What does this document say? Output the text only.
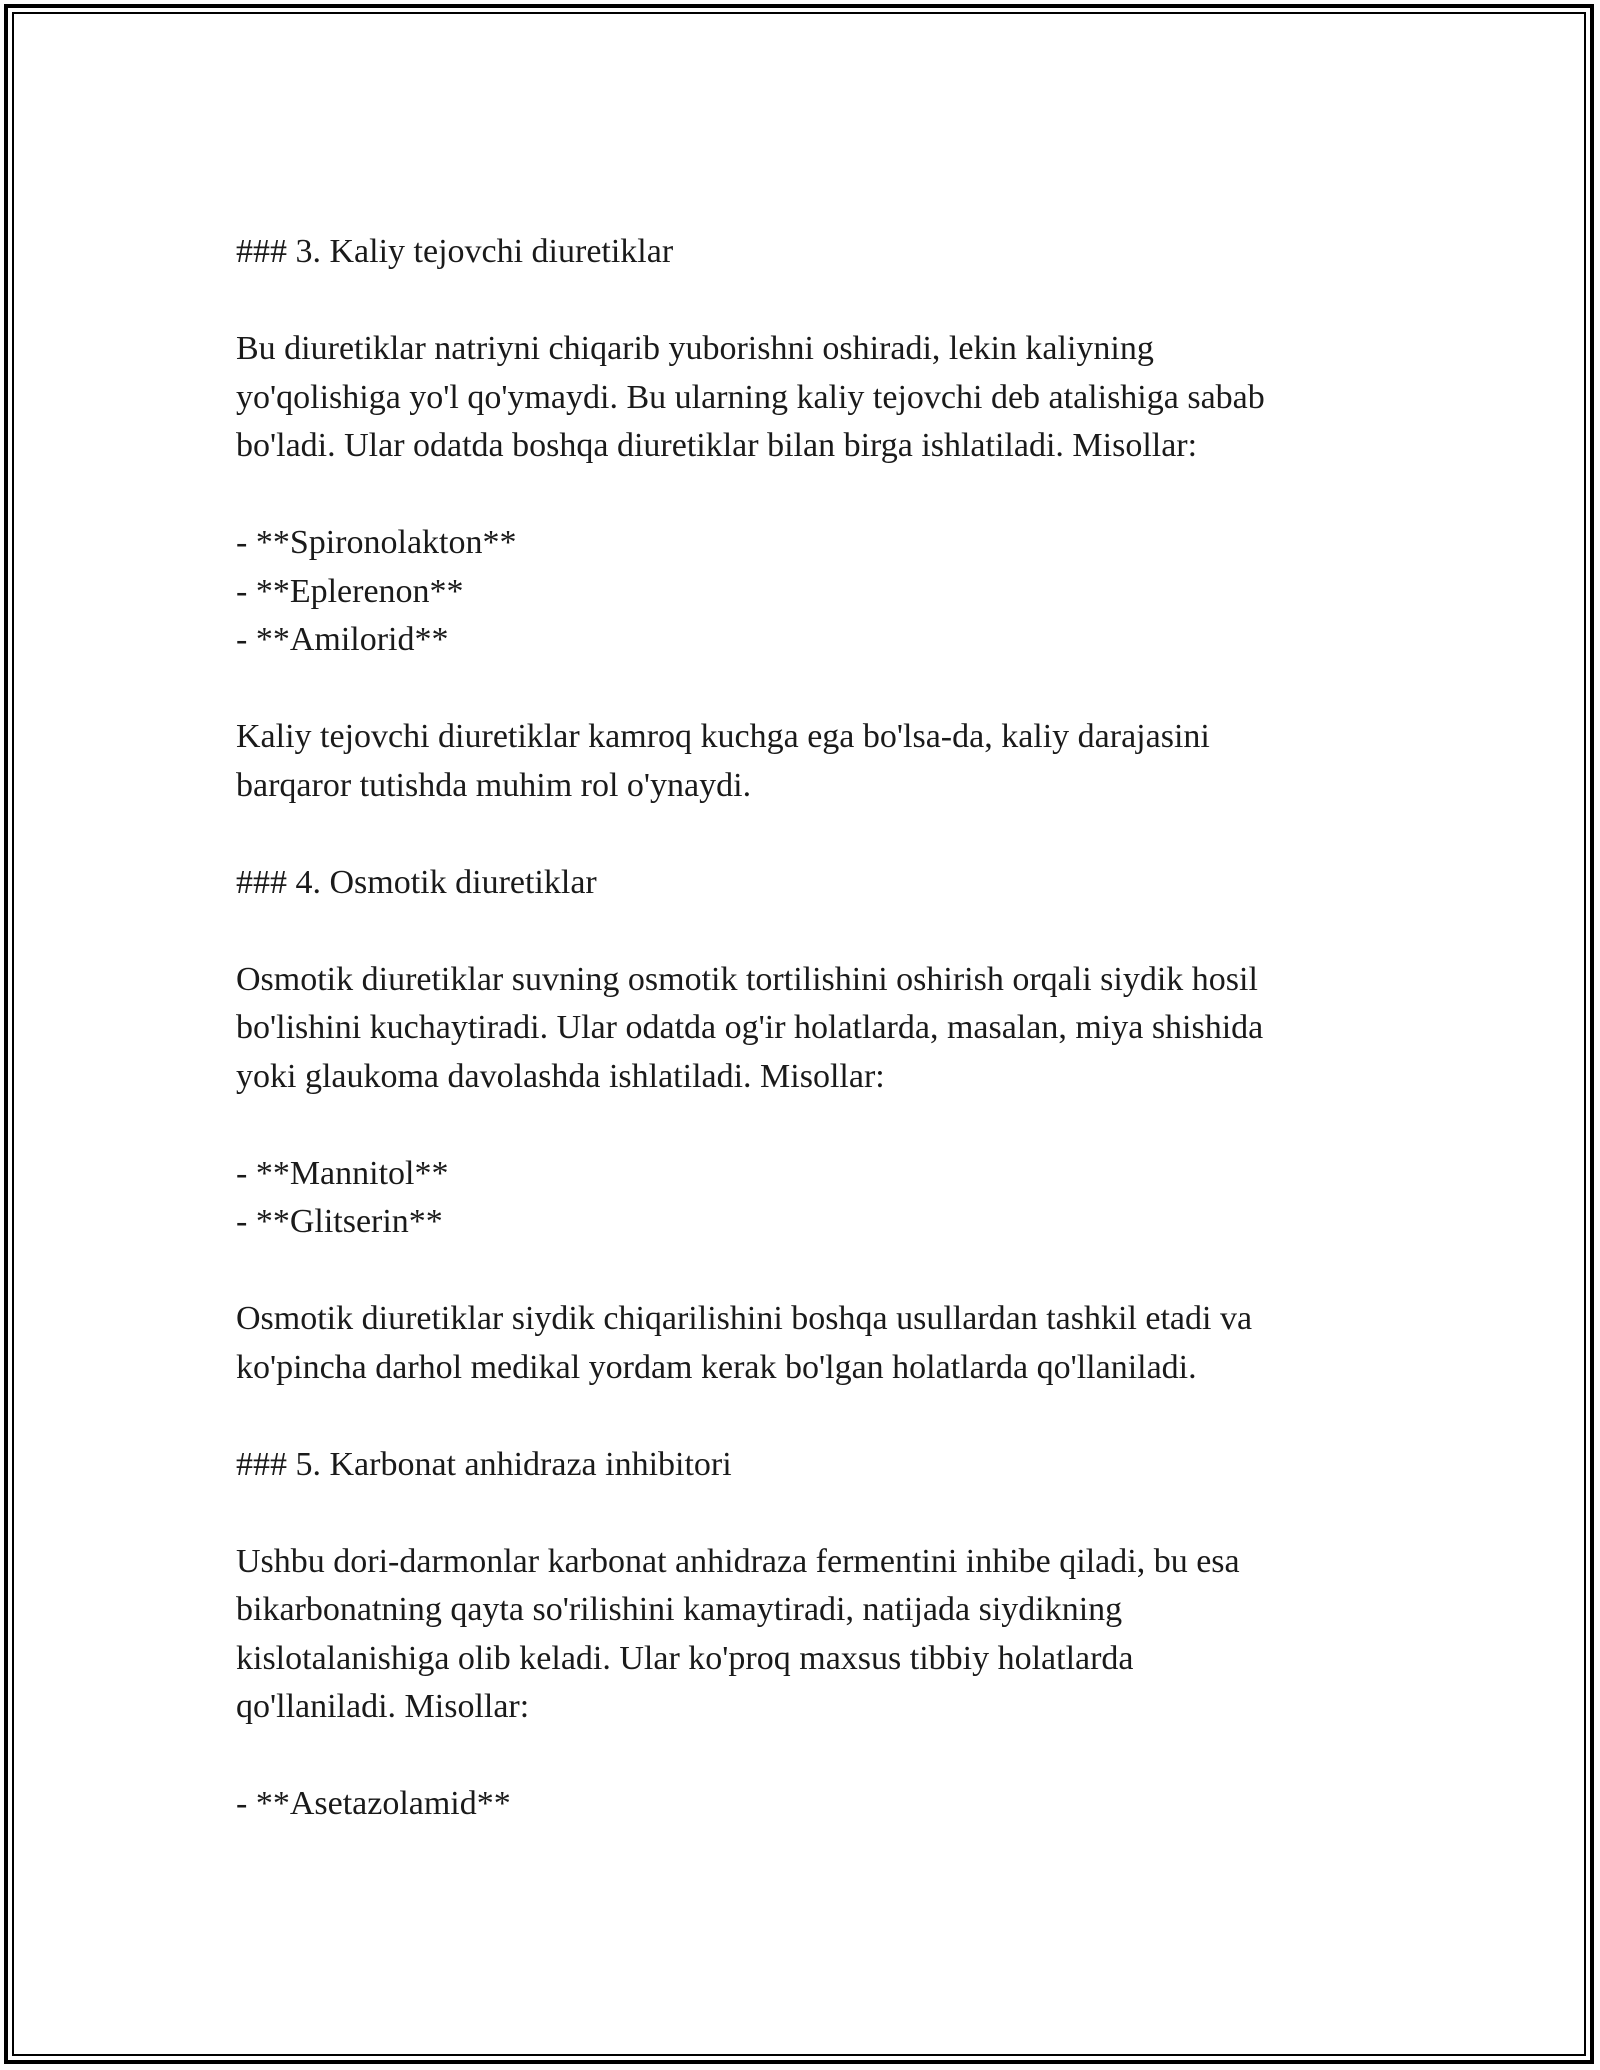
### 3. Kaliy tejovchi diuretiklar
Bu diuretiklar natriyni chiqarib yuborishni oshiradi, lekin kaliyning
yo'qolishiga yo'l qo'ymaydi. Bu ularning kaliy tejovchi deb atalishiga sabab
bo'ladi. Ular odatda boshqa diuretiklar bilan birga ishlatiladi. Misollar:
- **Spironolakton**
- **Eplerenon**
- **Amilorid**
Kaliy tejovchi diuretiklar kamroq kuchga ega bo'lsa-da, kaliy darajasini
barqaror tutishda muhim rol o'ynaydi.
### 4. Osmotik diuretiklar
Osmotik diuretiklar suvning osmotik tortilishini oshirish orqali siydik hosil
bo'lishini kuchaytiradi. Ular odatda og'ir holatlarda, masalan, miya shishida
yoki glaukoma davolashda ishlatiladi. Misollar:
- **Mannitol**
- **Glitserin**
Osmotik diuretiklar siydik chiqarilishini boshqa usullardan tashkil etadi va
ko'pincha darhol medikal yordam kerak bo'lgan holatlarda qo'llaniladi.
### 5. Karbonat anhidraza inhibitori
Ushbu dori-darmonlar karbonat anhidraza fermentini inhibe qiladi, bu esa
bikarbonatning qayta so'rilishini kamaytiradi, natijada siydikning
kislotalanishiga olib keladi. Ular ko'proq maxsus tibbiy holatlarda
qo'llaniladi. Misollar:
- **Asetazolamid**
